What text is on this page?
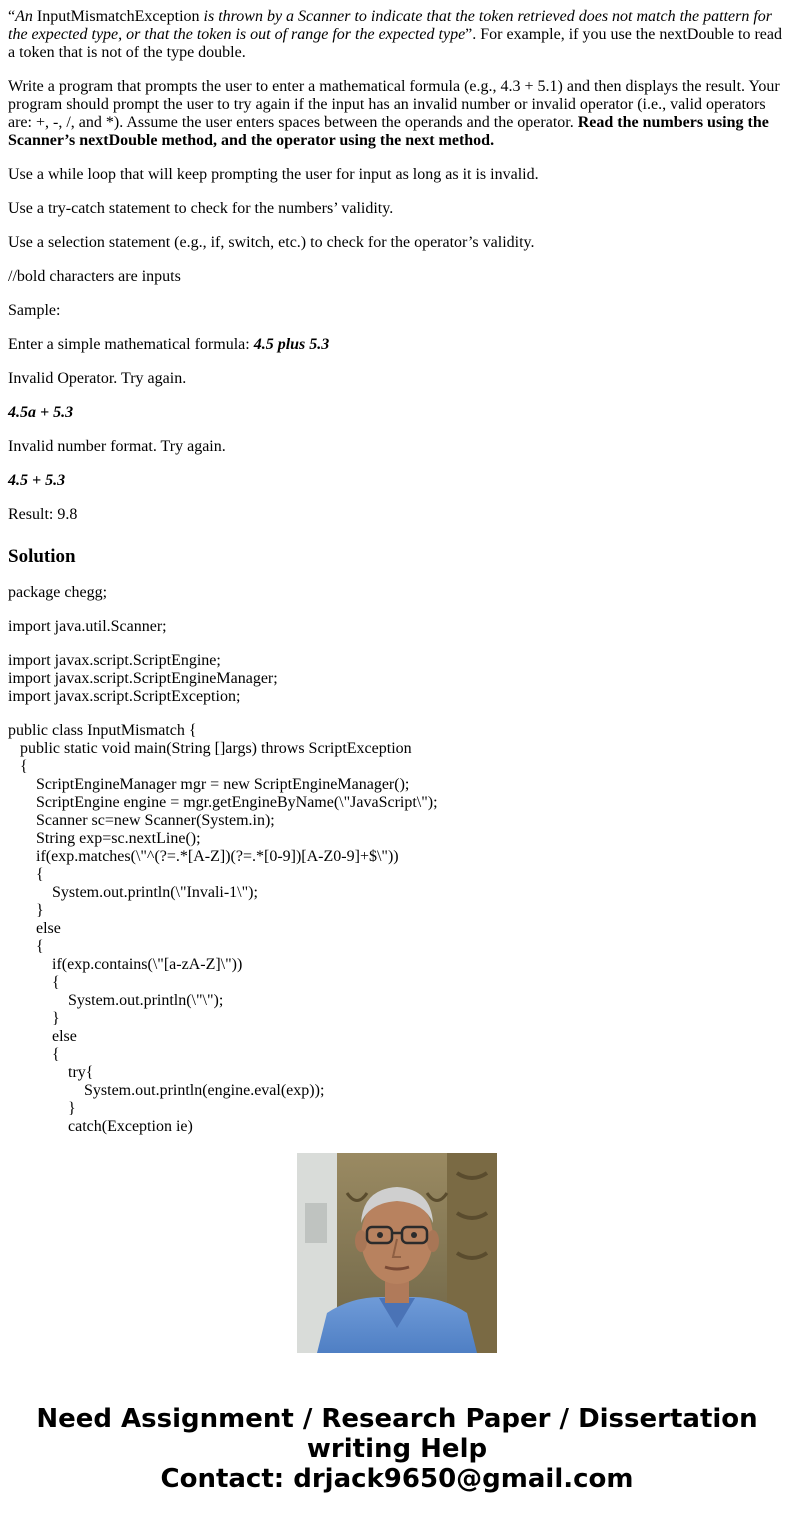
“An InputMismatchException is thrown by a Scanner to indicate that the token retrieved does not match the pattern for the expected type, or that the token is out of range for the expected type”. For example, if you use the nextDouble to read a token that is not of the type double.

Write a program that prompts the user to enter a mathematical formula (e.g., 4.3 + 5.1) and then displays the result. Your program should prompt the user to try again if the input has an invalid number or invalid operator (i.e., valid operators are: +, -, /, and *). Assume the user enters spaces between the operands and the operator. Read the numbers using the Scanner’s nextDouble method, and the operator using the next method.

Use a while loop that will keep prompting the user for input as long as it is invalid.

Use a try-catch statement to check for the numbers’ validity.

Use a selection statement (e.g., if, switch, etc.) to check for the operator’s validity.

//bold characters are inputs

Sample:

Enter a simple mathematical formula: 4.5 plus 5.3

Invalid Operator. Try again.

4.5a + 5.3

Invalid number format. Try again.

4.5 + 5.3

Result: 9.8

Solution
package chegg;
import java.util.Scanner;
import javax.script.ScriptEngine;
import javax.script.ScriptEngineManager;
import javax.script.ScriptException;
public class InputMismatch {
public static void main(String []args) throws ScriptException
{
ScriptEngineManager mgr = new ScriptEngineManager();
ScriptEngine engine = mgr.getEngineByName(\"JavaScript\");
Scanner sc=new Scanner(System.in);
String exp=sc.nextLine();
if(exp.matches(\"^(?=.*[A-Z])(?=.*[0-9])[A-Z0-9]+$\"))
{
System.out.println(\"Invali-1\");
}
else
{
if(exp.contains(\"[a-zA-Z]\"))
{
System.out.println(\"\");
}
else
{
try{
System.out.println(engine.eval(exp));
}
catch(Exception ie)
Need Assignment / Research Paper / Dissertation
writing Help
Contact: drjack9650@gmail.com
